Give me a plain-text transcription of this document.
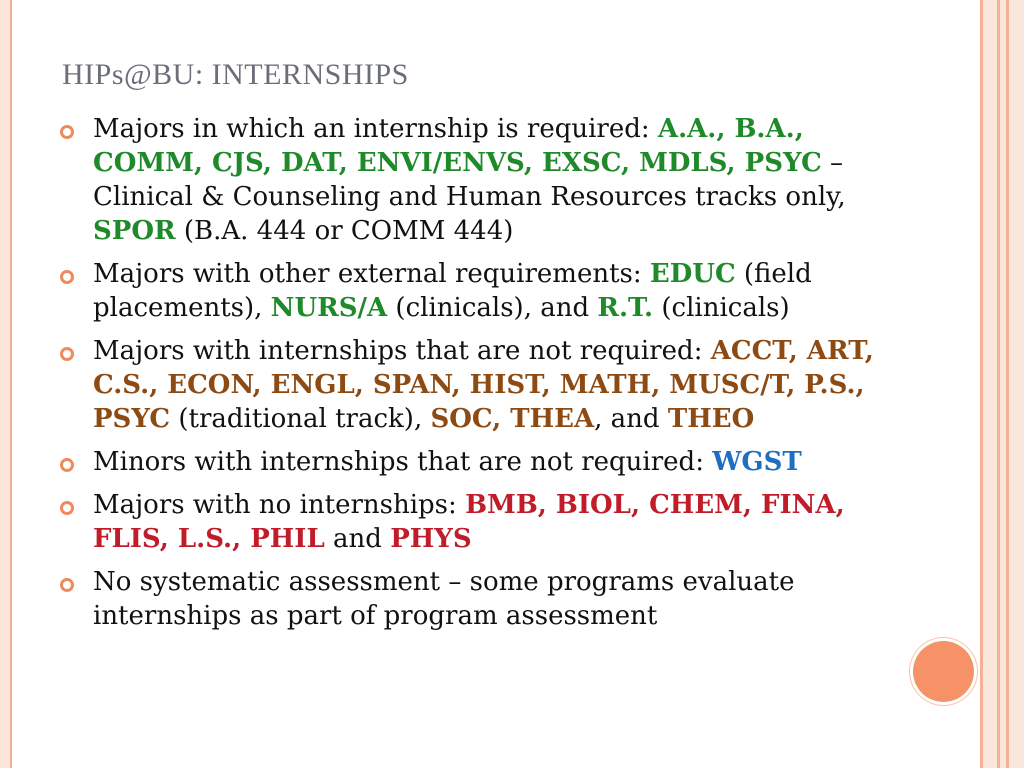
HIPs@BU: INTERNSHIPS
Majors in which an internship is required: A.A., B.A., COMM, CJS, DAT, ENVI/ENVS, EXSC, MDLS, PSYC – Clinical & Counseling and Human Resources tracks only, SPOR (B.A. 444 or COMM 444)
Majors with other external requirements: EDUC (field placements), NURS/A (clinicals), and R.T. (clinicals)
Majors with internships that are not required: ACCT, ART, C.S., ECON, ENGL, SPAN, HIST, MATH, MUSC/T, P.S., PSYC (traditional track), SOC, THEA, and THEO
Minors with internships that are not required: WGST
Majors with no internships: BMB, BIOL, CHEM, FINA, FLIS, L.S., PHIL and PHYS
No systematic assessment – some programs evaluate internships as part of program assessment
